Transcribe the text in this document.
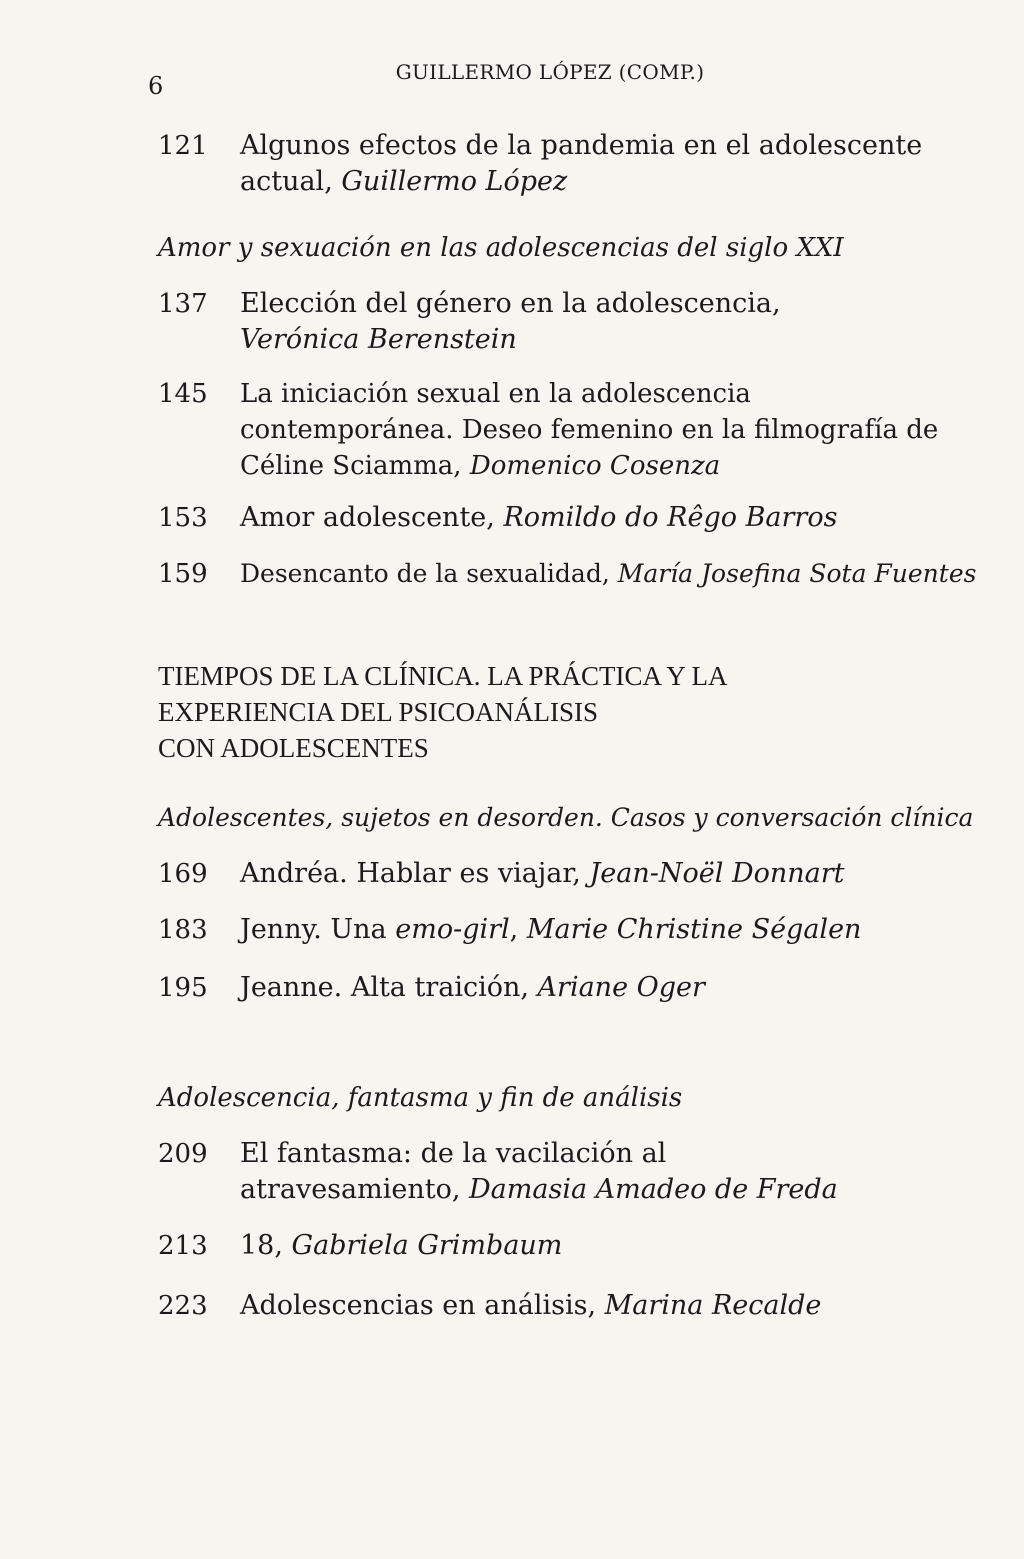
6	GUILLERMO LÓPEZ (COMP.)
121 Algunos efectos de la pandemia en el adolescente actual, Guillermo López
Amor y sexuación en las adolescencias del siglo XXI
137 Elección del género en la adolescencia, Verónica Berenstein
145 La iniciación sexual en la adolescencia contemporánea. Deseo femenino en la filmografía de Céline Sciamma, Domenico Cosenza
153 Amor adolescente, Romildo do Rêgo Barros
159 Desencanto de la sexualidad, María Josefina Sota Fuentes
TIEMPOS DE LA CLÍNICA. LA PRÁCTICA Y LA
EXPERIENCIA DEL PSICOANÁLISIS
CON ADOLESCENTES
Adolescentes, sujetos en desorden. Casos y conversación clínica
169 Andréa. Hablar es viajar, Jean-Noël Donnart
183 Jenny. Una emo-girl, Marie Christine Ségalen
195 Jeanne. Alta traición, Ariane Oger
Adolescencia, fantasma y fin de análisis
209 El fantasma: de la vacilación al atravesamiento, Damasia Amadeo de Freda
213 18, Gabriela Grimbaum
223 Adolescencias en análisis, Marina Recalde
